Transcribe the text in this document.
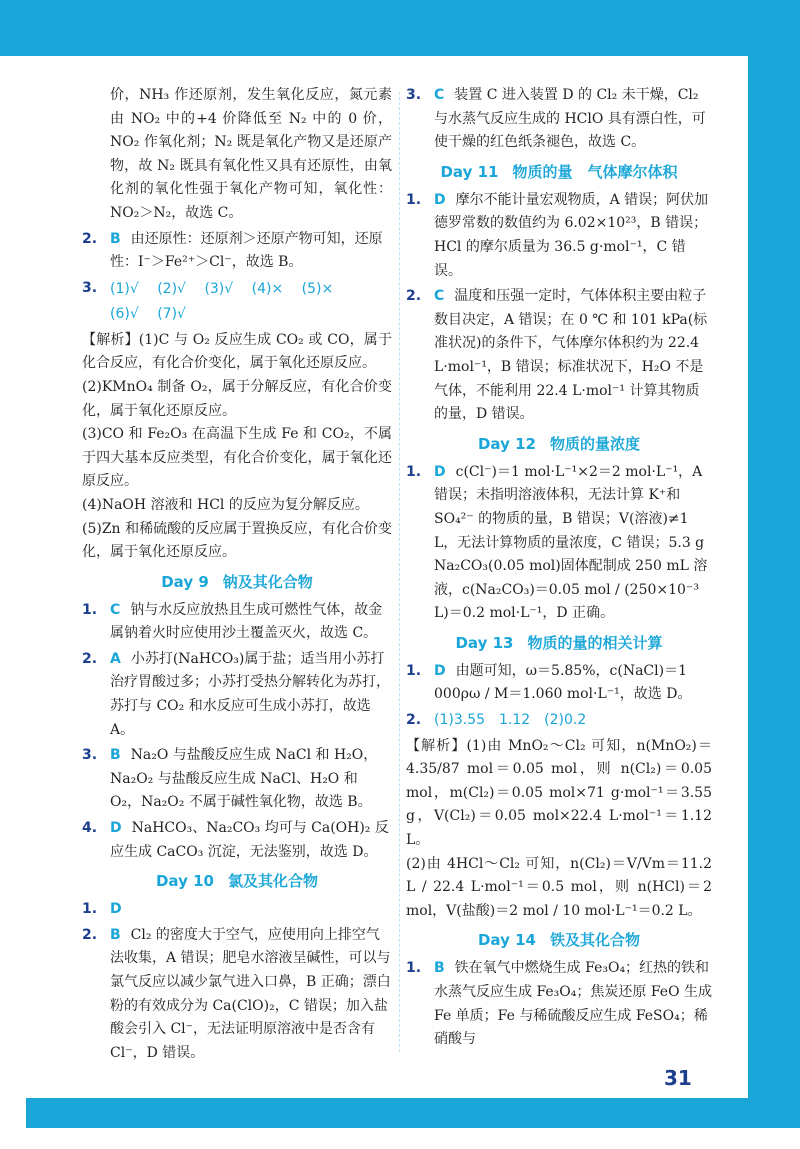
价，NH₃ 作还原剂，发生氧化反应，氮元素由 NO₂ 中的+4 价降低至 N₂ 中的 0 价，NO₂ 作氧化剂；N₂ 既是氧化产物又是还原产物，故 N₂ 既具有氧化性又具有还原性，由氧化剂的氧化性强于氧化产物可知，氧化性：NO₂＞N₂，故选 C。

2. B 由还原性：还原剂＞还原产物可知，还原性：I⁻＞Fe²⁺＞Cl⁻，故选 B。
3. (1)√ (2)√ (3)√ (4)× (5)×
(6)√ (7)√

【解析】(1)C 与 O₂ 反应生成 CO₂ 或 CO，属于化合反应，有化合价变化，属于氧化还原反应。

(2)KMnO₄ 制备 O₂，属于分解反应，有化合价变化，属于氧化还原反应。

(3)CO 和 Fe₂O₃ 在高温下生成 Fe 和 CO₂，不属于四大基本反应类型，有化合价变化，属于氧化还原反应。

(4)NaOH 溶液和 HCl 的反应为复分解反应。

(5)Zn 和稀硫酸的反应属于置换反应，有化合价变化，属于氧化还原反应。

Day 9 钠及其化合物
1. C 钠与水反应放热且生成可燃性气体，故金属钠着火时应使用沙土覆盖灭火，故选 C。
2. A 小苏打(NaHCO₃)属于盐；适当用小苏打治疗胃酸过多；小苏打受热分解转化为苏打，苏打与 CO₂ 和水反应可生成小苏打，故选 A。
3. B Na₂O 与盐酸反应生成 NaCl 和 H₂O，Na₂O₂ 与盐酸反应生成 NaCl、H₂O 和 O₂，Na₂O₂ 不属于碱性氧化物，故选 B。
4. D NaHCO₃、Na₂CO₃ 均可与 Ca(OH)₂ 反应生成 CaCO₃ 沉淀，无法鉴别，故选 D。
Day 10 氯及其化合物
1. D
2. B Cl₂ 的密度大于空气，应使用向上排空气法收集，A 错误；肥皂水溶液呈碱性，可以与氯气反应以减少氯气进入口鼻，B 正确；漂白粉的有效成分为 Ca(ClO)₂，C 错误；加入盐酸会引入 Cl⁻，无法证明原溶液中是否含有 Cl⁻，D 错误。
3. C 装置 C 进入装置 D 的 Cl₂ 未干燥，Cl₂ 与水蒸气反应生成的 HClO 具有漂白性，可使干燥的红色纸条褪色，故选 C。
Day 11 物质的量　气体摩尔体积
1. D 摩尔不能计量宏观物质，A 错误；阿伏加德罗常数的数值约为 6.02×10²³，B 错误；HCl 的摩尔质量为 36.5 g·mol⁻¹，C 错误。
2. C 温度和压强一定时，气体体积主要由粒子数目决定，A 错误；在 0 ℃ 和 101 kPa(标准状况)的条件下，气体摩尔体积约为 22.4 L·mol⁻¹，B 错误；标准状况下，H₂O 不是气体，不能利用 22.4 L·mol⁻¹ 计算其物质的量，D 错误。
Day 12 物质的量浓度
1. D c(Cl⁻)＝1 mol·L⁻¹×2＝2 mol·L⁻¹，A 错误；未指明溶液体积，无法计算 K⁺和 SO₄²⁻ 的物质的量，B 错误；V(溶液)≠1 L，无法计算物质的量浓度，C 错误；5.3 g Na₂CO₃(0.05 mol)固体配制成 250 mL 溶液，c(Na₂CO₃)＝0.05 mol / (250×10⁻³ L)＝0.2 mol·L⁻¹，D 正确。
Day 13 物质的量的相关计算
1. D 由题可知，ω＝5.85%，c(NaCl)＝1 000ρω / M＝1.060 mol·L⁻¹，故选 D。
2. (1)3.55　1.12　(2)0.2

【解析】(1)由 MnO₂～Cl₂ 可知，n(MnO₂)＝4.35/87 mol＝0.05 mol，则 n(Cl₂)＝0.05 mol，m(Cl₂)＝0.05 mol×71 g·mol⁻¹＝3.55 g，V(Cl₂)＝0.05 mol×22.4 L·mol⁻¹＝1.12 L。

(2)由 4HCl～Cl₂ 可知，n(Cl₂)＝V/Vm＝11.2 L / 22.4 L·mol⁻¹＝0.5 mol，则 n(HCl)＝2 mol，V(盐酸)＝2 mol / 10 mol·L⁻¹＝0.2 L。

Day 14 铁及其化合物
1. B 铁在氧气中燃烧生成 Fe₃O₄；红热的铁和水蒸气反应生成 Fe₃O₄；焦炭还原 FeO 生成 Fe 单质；Fe 与稀硫酸反应生成 FeSO₄；稀硝酸与
31
